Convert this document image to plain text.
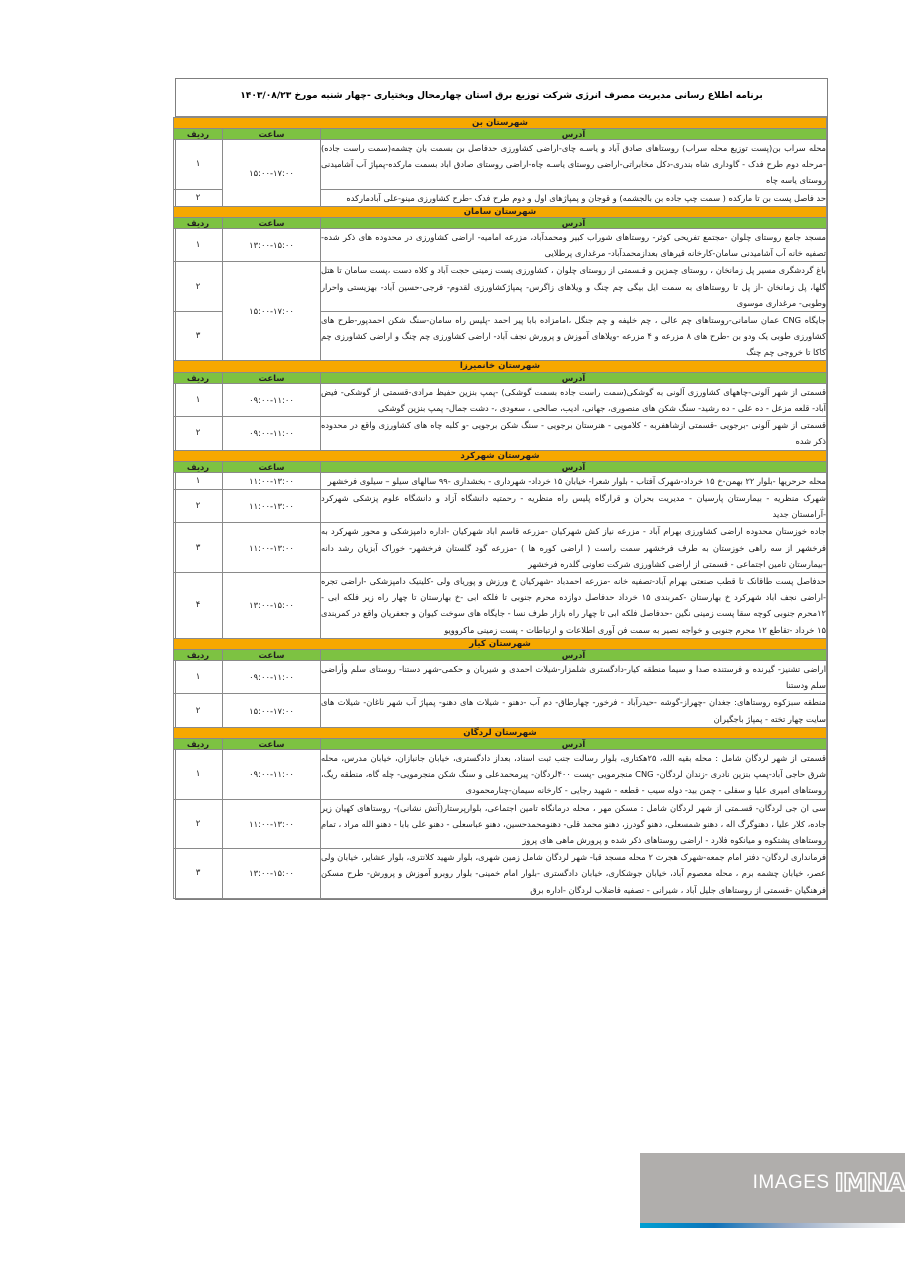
برنامه اطلاع رسانی مدیریت مصرف انرژی شرکت توزیع برق استان چهارمحال وبختیاری -چهار شنبه مورخ ۱۴۰۳/۰۸/۲۳
شهرستان بن		
آدرس	ساعت	ردیف
محله سراب بن(پست توزیع محله سراب) روستاهای صادق آباد و یاسـه چای-اراضی کشاورزی حدفاصل بن بسمت بان چشمه(سمت راست جاده) -مرحله دوم طرح فدک - گاوداری شاه بندری-دکل مخابراتی-اراضی روستای یاسـه چاه-اراضی روستای صادق اباد بسمت مارکده-پمپاژ آب آشامیدنی روستای یاسه چاه	۱۵:۰۰-۱۷:۰۰	۱
حد فاصل پست بن تا مارکده ( سمت چپ جاده بن بالجشمه) و قوجان و پمپاژهای اول و دوم طرح فدک -طرح کشاورزی مینو-علی آبادمارکده		۲
شهرستان سامان		
آدرس	ساعت	ردیف
مسجد جامع روستای چلوان -مجتمع تفریحی کوثر- روستاهای شوراب کبیر ومحمدآباد، مزرعه امامیه- اراضی کشاورزی در محدوده های ذکر شده-تصفیه خانه آب آشامیدنی سامان-کارخانه قیرهای بعدازمحمدآباد- مرغداری پرطلایی	۱۳:۰۰-۱۵:۰۰	۱
باغ گردشگری مسیر پل زمانخان ، روستای چمزین و قـسمتی از روستای چلوان ، کشاورزی پست زمینی حجت آباد و کلاه دست ،پست سامان تا هتل گلها، پل زمانخان -از پل تا روستاهای به سمت ایل بیگی چم چنگ و ویلاهای زاگرس- پمپاژکشاورزی لقدوم- فرجی-حسین آباد- بهزیستی واحرار وطوبی- مرغداری موسوی	۱۵:۰۰-۱۷:۰۰	۲
جایگاه CNG عمان سامانی-روستاهای چم عالی ، چم خلیفه و چم جنگل ،امامزاده بابا پیر احمد -پلیس راه سامان-سنگ شکن احمدپور-طرح های کشاورزی طوبی یک ودو بن -طرح های ۸ مزرعه و ۴ مزرعه -ویلاهای آموزش و پرورش نجف آباد- اراضی کشاورزی چم چنگ و اراضی کشاورزی چم کاکا تا خروجی چم چنگ		۳
شهرستان خانمیرزا		
آدرس	ساعت	ردیف
قسمتی از شهر آلونی-چاههای کشاورزی آلونی به گوشکی(سمت راست جاده بسمت گوشکی) -پمپ بنزین حفیظ مرادی-قسمتی از گوشکی- فیض آباد- قلعه مزعل - ده علی - ده رشید- سنگ شکن های منصوری، جهانی، ادیب، صالحی ، سعودی ،- دشت جمال- پمپ بنزین گوشکی	۰۹:۰۰-۱۱:۰۰	۱
قسمتی از شهر آلونی -برجویی -قسمتی ازشاهفربه - کلامویی - هنرستان برجویی - سنگ شکن برجویی -و کلبه چاه های کشاورزی واقع در محدوده ذکر شده	۰۹:۰۰-۱۱:۰۰	۲
شهرستان شهرکرد		
آدرس	ساعت	ردیف
محله حرحریها -بلوار ۲۲ بهمن-خ ۱۵ خرداد-شهرک آفتاب - بلوار شعرا- خیابان ۱۵ خرداد- شهرداری - بخشداری -۹۹ سالهای سیلو – سیلوی فرخشهر	۱۱:۰۰-۱۳:۰۰	۱
شهرک منظریه - بیمارستان پارسیان - مدیریت بحران و قرارگاه پلیس راه منظریه - رحمتیه دانشگاه آزاد و دانشگاه علوم پزشکی شهرکرد -آرامستان جدید	۱۱:۰۰-۱۳:۰۰	۲
جاده خوزستان محدوده اراضی کشاورزی بهرام آباد - مزرعه نیاز کش شهرکیان -مزرعه قاسم اباد شهرکیان -اداره دامپزشکی و محور شهرکرد به فرخشهر از سه راهی خوزستان به طرف فرخشهر سمت راست ( اراضی کوره ها ) -مزرعه گود گلستان فرخشهر- خوراک آبزیان رشد دانه -بیمارستان تامین اجتماعی - قسمتی از اراضی کشاورزی شرکت تعاونی گلدره فرخشهر	۱۱:۰۰-۱۳:۰۰	۳
حدفاصل پست طاقانک تا قطب صنعتی بهرام آباد-تصفیه خانه -مزرعه احمدباد -شهرکیان خ ورزش و پوریای ولی -کلینیک دامپزشکی -اراضی تجره -اراضی نجف اباد شهرکرد خ بهارستان -کمربندی ۱۵ خرداد حدفاصل دوازده محرم جنوبی تا فلکه ابی -خ بهارستان تا چهار راه زیر فلکه ابی - ۱۲محرم جنوبی کوچه سقا پست زمینی نگین -حدفاصل فلکه ابی تا چهار راه بازار طرف نسا - جایگاه های سوخت کیوان و جعفریان واقع در کمربندی ۱۵ خرداد -تقاطع ۱۲ محرم جنوبی و خواجه نصیر به سمت فن آوری اطلاعات و ارتباطات - پست زمینی ماکروویو	۱۳:۰۰-۱۵:۰۰	۴
شهرستان کیار		
آدرس	ساعت	ردیف
اراضی تشنیز- گیرنده و فرستنده صدا و سیما منطقه کیار-دادگستری شلمزار-شیلات احمدی و شیربان و حکمی-شهر دستنا- روستای سلم وأراضی سلم ودستنا	۰۹:۰۰-۱۱:۰۰	۱
منطقه سبزکوه روستاهای: جغدان -چهراز-گوشه -حیدرآباد - فرخور- چهارطاق- دم آب -دهنو - شیلات های دهنو- پمپاژ آب شهر ناغان- شیلات های سایت چهار تخته - پمپاژ باجگیران	۱۵:۰۰-۱۷:۰۰	۲
شهرستان لردگان		
آدرس	ساعت	ردیف
قسمتی از شهر لردگان شامل : محله بقیه الله، ۲۵هکتاری، بلوار رسالت جنب ثبت اسناد، بعداز دادگستری، خیابان جانبازان، خیابان مدرس، محله شرق حاجی آباد-پمپ بنزین نادری -زندان لردگان- CNG منجرمویی -پست ۴۰۰لردگان- پیرمحمدعلی و سنگ شکن منجرمویی- چله گاه، منطقه ریگ، روستاهای امیری علیا و سفلی - چمن بید- دوله سیب - قطعه - شهید رجایی - کارخانه سیمان-چنارمحمودی	۰۹:۰۰-۱۱:۰۰	۱
سی ان جی لردگان- قسـمتی از شهر لردگان شامل : مسکن مهر ، محله درمانگاه تامین اجتماعی، بلوارپرستار(آتش نشانی)- روستاهای کهیان زیر جاده، کلار علیا ، دهنوگرگ اله ، دهنو شمسعلی، دهنو گودرز، دهنو محمد قلی- دهنومحمدحسین، دهنو عباسعلی - دهنو علی بابا - دهنو الله مراد ، تمام روستاهای پشتکوه و میانکوه فلارد - اراضی روستاهای ذکر شده و پرورش ماهی های پروز	۱۱:۰۰-۱۳:۰۰	۲
فرمانداری لردگان- دفتر امام جمعه-شهرک هجرت ۲ محله مسجد قبا- شهر لردگان شامل زمین شهری، بلوار شهید کلانتری، بلوار عشایر، خیابان ولی عصر، خیابان چشمه برم ، محله معصوم آباد، خیابان جوشکاری، خیابان دادگستری -بلوار امام خمینی- بلوار روبرو آموزش و پرورش- طرح مسکن فرهنگیان -قسمتی از روستاهای جلیل آباد ، شیرانی - تصفیه فاضلاب لردگان -اداره برق	۱۳:۰۰-۱۵:۰۰	۳
IMNA
IMAGES
